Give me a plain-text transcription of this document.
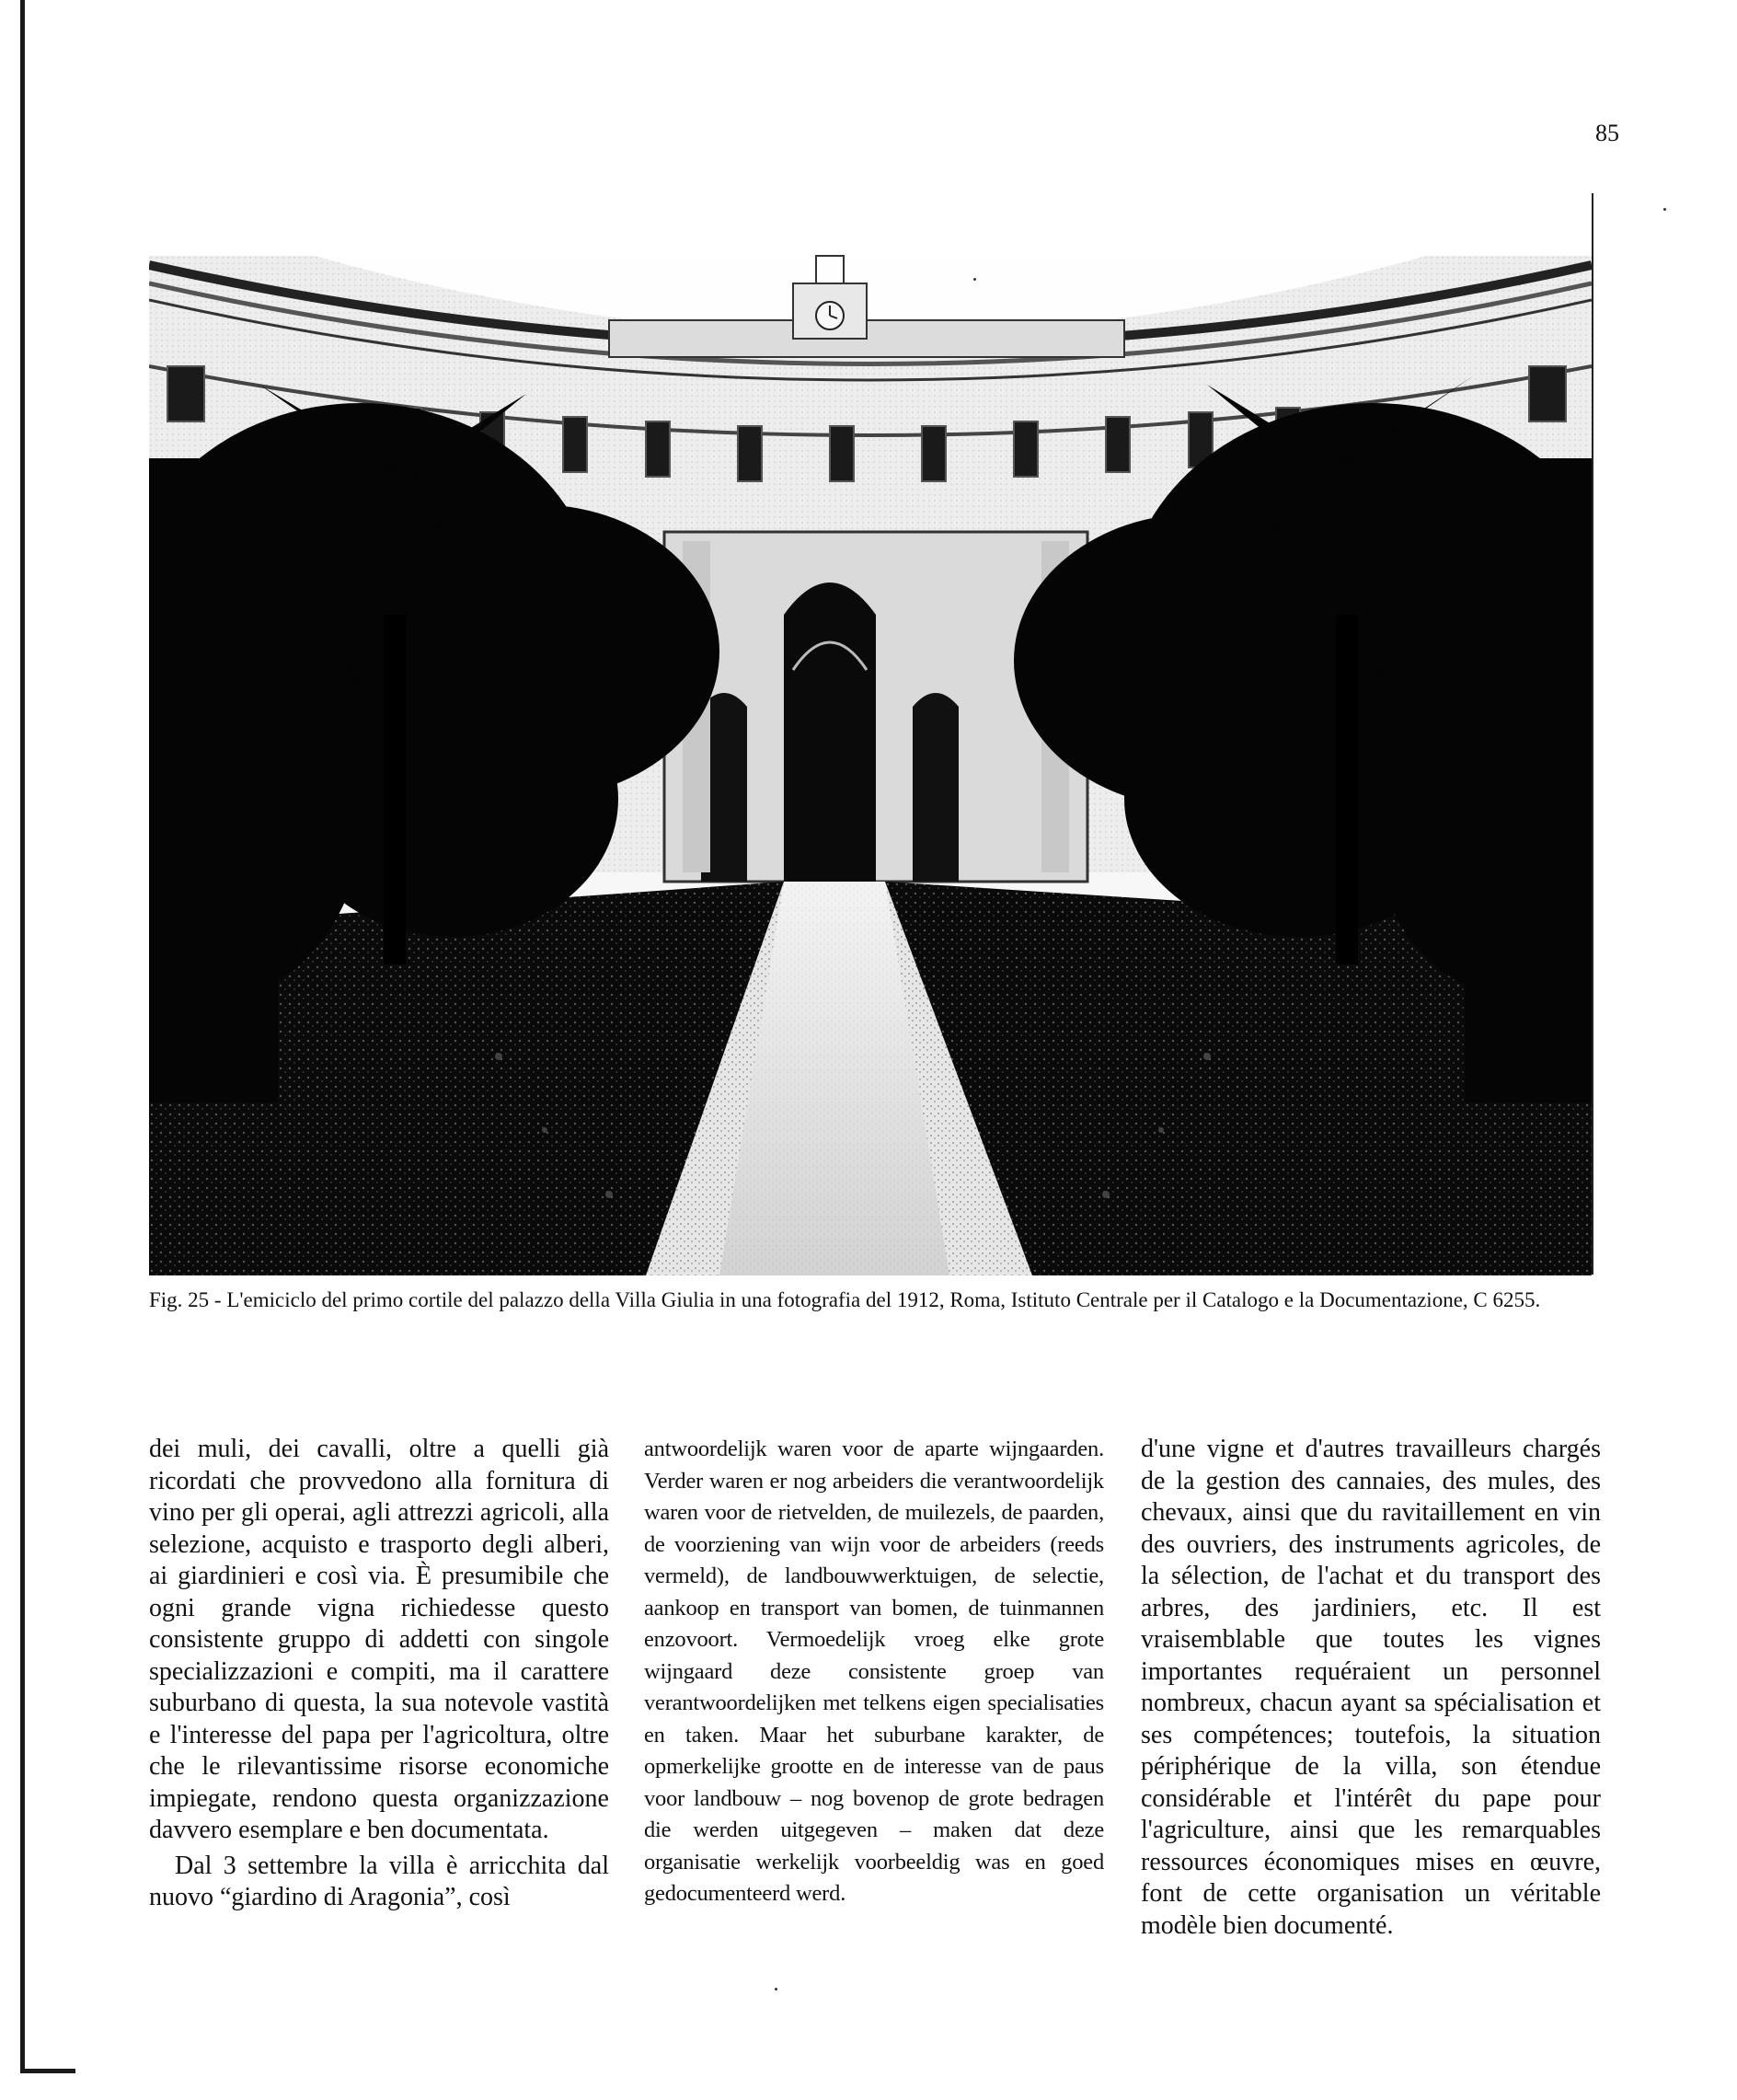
85
Fig. 25 - L'emiciclo del primo cortile del palazzo della Villa Giulia in una fotografia del 1912, Roma, Istituto Centrale per il Catalogo e la Documentazione, C 6255.

dei muli, dei cavalli, oltre a quelli già ricordati che provvedono alla fornitura di vino per gli operai, agli attrezzi agricoli, alla selezione, acquisto e trasporto degli alberi, ai giardinieri e così via. È presumibile che ogni grande vigna richiedesse questo consistente gruppo di addetti con singole specializzazioni e compiti, ma il carattere suburbano di questa, la sua notevole vastità e l'interesse del papa per l'agricoltura, oltre che le rilevantissime risorse economiche impiegate, rendono questa organizzazione davvero esemplare e ben documentata.

Dal 3 settembre la villa è arricchita dal nuovo “giardino di Aragonia”, così

antwoordelijk waren voor de aparte wijngaarden. Verder waren er nog arbeiders die verantwoordelijk waren voor de rietvelden, de muilezels, de paarden, de voorziening van wijn voor de arbeiders (reeds vermeld), de landbouwwerktuigen, de selectie, aankoop en transport van bomen, de tuinmannen enzovoort. Vermoedelijk vroeg elke grote wijngaard deze consistente groep van verantwoordelijken met telkens eigen specialisaties en taken. Maar het suburbane karakter, de opmerkelijke grootte en de interesse van de paus voor landbouw – nog bovenop de grote bedragen die werden uitgegeven – maken dat deze organisatie werkelijk voorbeeldig was en goed gedocumenteerd werd.

d'une vigne et d'autres travailleurs chargés de la gestion des cannaies, des mules, des chevaux, ainsi que du ravitaillement en vin des ouvriers, des instruments agricoles, de la sélection, de l'achat et du transport des arbres, des jardiniers, etc. Il est vraisemblable que toutes les vignes importantes requéraient un personnel nombreux, chacun ayant sa spécialisation et ses compétences; toutefois, la situation périphérique de la villa, son étendue considérable et l'intérêt du pape pour l'agriculture, ainsi que les remarquables ressources économiques mises en œuvre, font de cette organisation un véritable modèle bien documenté.
